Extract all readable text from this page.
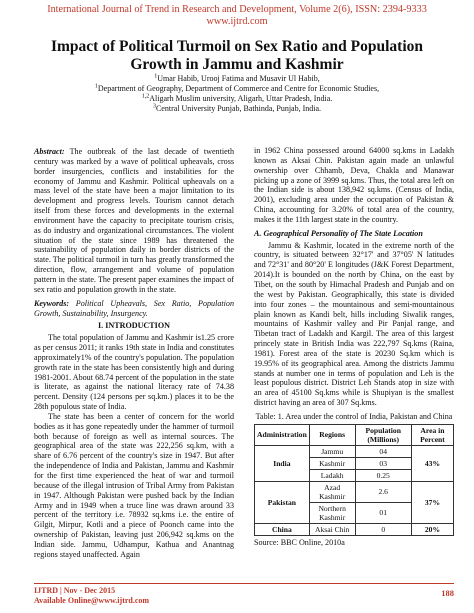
International Journal of Trend in Research and Development, Volume 2(6), ISSN: 2394-9333
www.ijtrd.com
Impact of Political Turmoil on Sex Ratio and Population Growth in Jammu and Kashmir
$^1$Umar Habib, Urooj Fatima and Musavir Ul Habib,
$^1$Department of Geography, Department of Commerce and Centre for Economic Studies,
$^{1,2}$Aligarh Muslim university, Aligarh, Uttar Pradesh, India.
$^3$Central University Punjab, Bathinda, Punjab, India.

Abstract: The outbreak of the last decade of twentieth century was marked by a wave of political upheavals, cross border insurgencies, conflicts and instabilities for the economy of Jammu and Kashmir. Political upheavals on a mass level of the state have been a major limitation to its development and progress levels. Tourism cannot detach itself from these forces and developments in the external environment have the capacity to precipitate tourism crisis, as do industry and organizational circumstances. The violent situation of the state since 1989 has threatened the sustainability of population daily in border districts of the state. The political turmoil in turn has greatly transformed the direction, flow, arrangement and volume of population pattern in the state. The present paper examines the impact of sex ratio and population growth in the state.

Keywords: Political Upheavals, Sex Ratio, Population Growth, Sustainability, Insurgency.

I. INTRODUCTION

The total population of Jammu and Kashmir is1.25 crore as per census 2011; it ranks 19th state in India and constitutes approximately1% of the country's population. The population growth rate in the state has been consistently high and during 1981-2001. About 68.74 percent of the population in the state is literate, as against the national literacy rate of 74.38 percent. Density (124 persons per sq.km.) places it to be the 28th populous state of India.

The state has been a center of concern for the world bodies as it has gone repeatedly under the hammer of turmoil both because of foreign as well as internal sources. The geographical area of the state was 222,256 sq.km, with a share of 6.76 percent of the country's size in 1947. But after the independence of India and Pakistan, Jammu and Kashmir for the first time experienced the heat of war and turmoil because of the illegal intrusion of Tribal Army from Pakistan in 1947. Although Pakistan were pushed back by the Indian Army and in 1949 when a truce line was drawn around 33 percent of the territory i.e. 78932 sq.kms i.e. the entire of Gilgit, Mirpur, Kotli and a piece of Poonch came into the ownership of Pakistan, leaving just 206,942 sq.kms on the Indian side. Jammu, Udhampur, Kathua and Anantnag regions stayed unaffected. Again

in 1962 China possessed around 64000 sq.kms in Ladakh known as Aksai Chin. Pakistan again made an unlawful ownership over Chhamb, Deva, Chakla and Manawar picking up a zone of 3999 sq.kms. Thus, the total area left on the Indian side is about 138,942 sq.kms. (Census of India, 2001), excluding area under the occupation of Pakistan & China, accounting for 3.20% of total area of the country, makes it the 11th largest state in the country.

A. Geographical Personality of The State Location

Jammu & Kashmir, located in the extreme north of the country, is situated between 32°17' and 37°05' N latitudes and 72°31' and 80°20' E longitudes (J&K Forest Department, 2014).It is bounded on the north by China, on the east by Tibet, on the south by Himachal Pradesh and Punjab and on the west by Pakistan. Geographically, this state is divided into four zones – the mountainous and semi-mountainous plain known as Kandi belt, hills including Siwalik ranges, mountains of Kashmir valley and Pir Panjal range, and Tibetan tract of Ladakh and Kargil. The area of this largest princely state in British India was 222,797 Sq.kms (Raina, 1981). Forest area of the state is 20230 Sq.km which is 19.95% of its geographical area. Among the districts Jammu stands at number one in terms of population and Leh is the least populous district. District Leh Stands atop in size with an area of 45100 Sq.kms while is Shupiyan is the smallest district having an area of 307 Sq.kms.

Table: 1. Area under the control of India, Pakistan and China
Administration	Regions	Population (Millions)	Area in Percent
India	Jammu	04	43%
	Kashmir	03	
	Ladakh	0.25	
Pakistan	Azad Kashmir	2.6	37%
	Northern Kashmir	01	
China	Aksai Chin	0	20%
Source: BBC Online, 2010a
IJTRD | Nov - Dec 2015
Available Online@www.ijtrd.com
188
